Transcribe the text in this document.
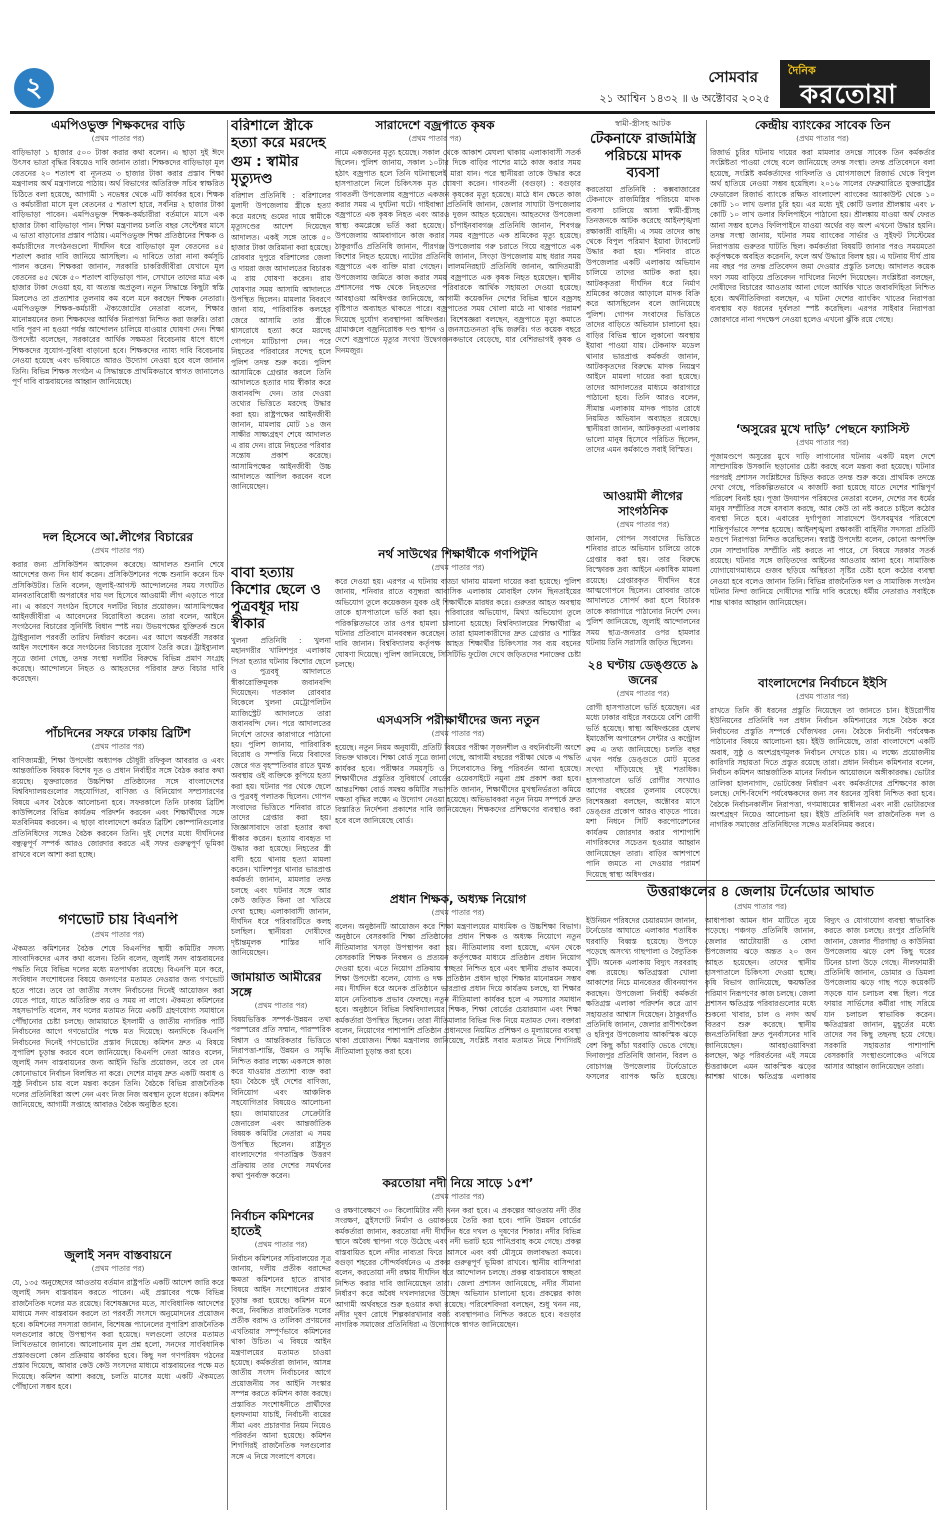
২	সোমবার
২১ আশ্বিন ১৪৩২ ॥ ৬ অক্টোবর ২০২৫
দৈনিক
করতোয়া
এমপিওভুক্ত শিক্ষকদের বাড়ি
(প্রথম পাতার পর)
বাড়িভাড়া ১ হাজার ৫০০ টাকা করার কথা বলেন। এ ছাড়া দুই ঈদে উৎসব ভাতা বৃদ্ধির বিষয়েও দাবি জানান তারা। শিক্ষকদের বাড়িভাড়া মূল বেতনের ২০ শতাংশ বা ন্যূনতম ৩ হাজার টাকা করার প্রস্তাব শিক্ষা মন্ত্রণালয় অর্থ মন্ত্রণালয়ে পাঠায়। অর্থ বিভাগের অতিরিক্ত সচিব স্বাক্ষরিত চিঠিতে বলা হয়েছে, আগামী ১ নভেম্বর থেকে এটি কার্যকর হবে। শিক্ষক ও কর্মচারীরা মাসে মূল বেতনের ৫ শতাংশ হারে, সর্বনিম্ন ২ হাজার টাকা বাড়িভাড়া পাবেন। এমপিওভুক্ত শিক্ষক-কর্মচারীরা বর্তমানে মাসে এক হাজার টাকা বাড়িভাড়া পান। শিক্ষা মন্ত্রণালয় চলতি বছর সেপ্টেম্বর মাসে এ ভাতা বাড়ানোর প্রস্তাব পাঠায়। এমপিওভুক্ত শিক্ষা প্রতিষ্ঠানের শিক্ষক ও কর্মচারীদের সংগঠনগুলো দীর্ঘদিন ধরে বাড়িভাড়া মূল বেতনের ৪৫ শতাংশ করার দাবি জানিয়ে আসছিল। এ দাবিতে তারা নানা কর্মসূচি পালন করেন। শিক্ষকরা জানান, সরকারি চাকরিজীবীরা যেখানে মূল বেতনের ৪৫ থেকে ৫০ শতাংশ বাড়িভাড়া পান, সেখানে তাদের মাত্র এক হাজার টাকা দেওয়া হয়, যা অত্যন্ত অপ্রতুল। নতুন সিদ্ধান্তে কিছুটা স্বস্তি মিললেও তা প্রত্যাশার তুলনায় কম বলে মনে করছেন শিক্ষক নেতারা। এমপিওভুক্ত শিক্ষক-কর্মচারী ঐক্যজোটের নেতারা বলেন, শিক্ষার মানোন্নয়নের জন্য শিক্ষকদের আর্থিক নিরাপত্তা নিশ্চিত করা জরুরি। তারা দাবি পূরণ না হওয়া পর্যন্ত আন্দোলন চালিয়ে যাওয়ার ঘোষণা দেন। শিক্ষা উপদেষ্টা বলেছেন, সরকারের আর্থিক সক্ষমতা বিবেচনায় ধাপে ধাপে শিক্ষকদের সুযোগ-সুবিধা বাড়ানো হবে। শিক্ষকদের ন্যায্য দাবি বিবেচনায় নেওয়া হয়েছে এবং ভবিষ্যতে আরও উদ্যোগ নেওয়া হবে বলে জানান তিনি। বিভিন্ন শিক্ষক সংগঠন এ সিদ্ধান্তকে প্রাথমিকভাবে স্বাগত জানালেও পূর্ণ দাবি বাস্তবায়নের আহ্বান জানিয়েছে।
দল হিসেবে আ.লীগের বিচারের
(প্রথম পাতার পর)
করার জন্য প্রসিকিউশন আবেদন করেছে। আদালত শুনানি শেষে আদেশের জন্য দিন ধার্য করেন। প্রসিকিউশনের পক্ষে শুনানি করেন চিফ প্রসিকিউটর। তিনি বলেন, জুলাই-আগস্ট আন্দোলনের সময় সংঘটিত মানবতাবিরোধী অপরাধের দায় দল হিসেবে আওয়ামী লীগ এড়াতে পারে না। এ কারণে সংগঠন হিসেবে দলটির বিচার প্রয়োজন। আসামিপক্ষের আইনজীবীরা এ আবেদনের বিরোধিতা করেন। তারা বলেন, আইনে সংগঠনের বিচারের সুনির্দিষ্ট বিধান স্পষ্ট নয়। উভয়পক্ষের যুক্তিতর্ক শুনে ট্রাইব্যুনাল পরবর্তী তারিখ নির্ধারণ করেন। এর আগে অন্তর্বর্তী সরকার আইন সংশোধন করে সংগঠনের বিচারের সুযোগ তৈরি করে। ট্রাইব্যুনাল সূত্রে জানা গেছে, তদন্ত সংস্থা দলটির বিরুদ্ধে বিভিন্ন প্রমাণ সংগ্রহ করেছে। আন্দোলনে নিহত ও আহতদের পরিবার দ্রুত বিচার দাবি করেছেন।
পাঁচদিনের সফরে ঢাকায় ব্রিটিশ
(প্রথম পাতার পর)
বাণিজ্যমন্ত্রী, শিক্ষা উপদেষ্টা অধ্যাপক চৌধুরী রফিকুল আবরার ও এবং আন্তর্জাতিক বিষয়ক বিশেষ দূত ও প্রধান নির্বাহীর সঙ্গে বৈঠক করার কথা রয়েছে। যুক্তরাজ্যের উচ্চশিক্ষা প্রতিষ্ঠানের সঙ্গে বাংলাদেশের বিশ্ববিদ্যালয়গুলোর সহযোগিতা, বাণিজ্য ও বিনিয়োগ সম্প্রসারণের বিষয়ে এসব বৈঠকে আলোচনা হবে। সফরকালে তিনি ঢাকায় ব্রিটিশ কাউন্সিলের বিভিন্ন কার্যক্রম পরিদর্শন করবেন এবং শিক্ষার্থীদের সঙ্গে মতবিনিময় করবেন। এ ছাড়া বাংলাদেশে কর্মরত ব্রিটিশ কোম্পানিগুলোর প্রতিনিধিদের সঙ্গেও বৈঠক করবেন তিনি। দুই দেশের মধ্যে দীর্ঘদিনের বন্ধুত্বপূর্ণ সম্পর্ক আরও জোরদার করতে এই সফর গুরুত্বপূর্ণ ভূমিকা রাখবে বলে আশা করা হচ্ছে।
গণভোট চায় বিএনপি
(প্রথম পাতার পর)
ঐকমত্য কমিশনের বৈঠক শেষে বিএনপির স্থায়ী কমিটির সদস্য সাংবাদিকদের এসব কথা বলেন। তিনি বলেন, জুলাই সনদ বাস্তবায়নের পদ্ধতি নিয়ে বিভিন্ন দলের মধ্যে মতপার্থক্য রয়েছে। বিএনপি মনে করে, সংবিধান সংশোধনের বিষয়ে জনগণের মতামত নেওয়ার জন্য গণভোট হতে পারে। তবে তা জাতীয় সংসদ নির্বাচনের দিনেই আয়োজন করা যেতে পারে, যাতে অতিরিক্ত ব্যয় ও সময় না লাগে। ঐকমত্য কমিশনের সহসভাপতি বলেন, সব দলের মতামত নিয়ে একটি গ্রহণযোগ্য সমাধানে পৌঁছানোর চেষ্টা চলছে। জামায়াতে ইসলামী ও জাতীয় নাগরিক পার্টি নির্বাচনের আগে গণভোটের পক্ষে মত দিয়েছে। অন্যদিকে বিএনপি নির্বাচনের দিনেই গণভোটের প্রস্তাব দিয়েছে। কমিশন দ্রুত এ বিষয়ে সুপারিশ চূড়ান্ত করবে বলে জানিয়েছে। বিএনপি নেতা আরও বলেন, জুলাই সনদ বাস্তবায়নের জন্য আইনি ভিত্তি প্রয়োজন, তবে তা যেন কোনোভাবে নির্বাচন বিলম্বিত না করে। দেশের মানুষ দ্রুত একটি অবাধ ও সুষ্ঠু নির্বাচন চায় বলে মন্তব্য করেন তিনি। বৈঠকে বিভিন্ন রাজনৈতিক দলের প্রতিনিধিরা অংশ নেন এবং নিজ নিজ অবস্থান তুলে ধরেন। কমিশন জানিয়েছে, আগামী সপ্তাহে আবারও বৈঠক অনুষ্ঠিত হবে।
জুলাই সনদ বাস্তবায়নে
(প্রথম পাতার পর)
যে, ১৩৫ অনুচ্ছেদের আওতায় বর্তমান রাষ্ট্রপতি একটি আদেশ জারি করে জুলাই সনদ বাস্তবায়ন করতে পারেন। এই প্রস্তাবের পক্ষে বিভিন্ন রাজনৈতিক দলের মত রয়েছে। বিশেষজ্ঞদের মতে, সাংবিধানিক আদেশের মাধ্যমে সনদ বাস্তবায়ন করলে তা পরবর্তী সংসদে অনুমোদনের প্রয়োজন হবে। কমিশনের সদস্যরা জানান, বিশেষজ্ঞ প্যানেলের সুপারিশ রাজনৈতিক দলগুলোর কাছে উপস্থাপন করা হয়েছে। দলগুলো তাদের মতামত লিখিতভাবে জানাবে। আলোচনায় মূল প্রশ্ন হলো, সনদের সাংবিধানিক প্রস্তাবগুলো কোন প্রক্রিয়ায় কার্যকর হবে। কিছু দল গণপরিষদ গঠনের প্রস্তাব দিয়েছে, আবার কেউ কেউ সংসদের মাধ্যমে বাস্তবায়নের পক্ষে মত দিয়েছে। কমিশন আশা করছে, চলতি মাসের মধ্যে একটি ঐকমত্যে পৌঁছানো সম্ভব হবে।
বরিশালে স্ত্রীকে হত্যা করে মরদেহ
গুম : স্বামীর মৃত্যুদণ্ড
বরিশাল প্রতিনিধি : বরিশালের মুলাদী উপজেলায় স্ত্রীকে হত্যা করে মরদেহ গুমের দায়ে স্বামীকে মৃত্যুদণ্ডের আদেশ দিয়েছেন আদালত। একই সঙ্গে তাকে ৫০ হাজার টাকা জরিমানা করা হয়েছে। রোববার দুপুরে বরিশালের জেলা ও দায়রা জজ আদালতের বিচারক এ রায় ঘোষণা করেন। রায় ঘোষণার সময় আসামি আদালতে উপস্থিত ছিলেন। মামলার বিবরণে জানা যায়, পারিবারিক কলহের জেরে আসামি তার স্ত্রীকে শ্বাসরোধে হত্যা করে মরদেহ গোপনে মাটিচাপা দেন। পরে নিহতের পরিবারের সন্দেহ হলে পুলিশ তদন্ত শুরু করে। পুলিশ আসামিকে গ্রেপ্তার করলে তিনি আদালতে হত্যার দায় স্বীকার করে জবানবন্দি দেন। তার দেওয়া তথ্যের ভিত্তিতে মরদেহ উদ্ধার করা হয়। রাষ্ট্রপক্ষের আইনজীবী জানান, মামলায় মোট ১৪ জন সাক্ষীর সাক্ষ্যগ্রহণ শেষে আদালত এ রায় দেন। রায়ে নিহতের পরিবার সন্তোষ প্রকাশ করেছে। আসামিপক্ষের আইনজীবী উচ্চ আদালতে আপিল করবেন বলে জানিয়েছেন।
বাবা হত্যায় কিশোর ছেলে ও পুত্রবধূর দায় স্বীকার
খুলনা প্রতিনিধি : খুলনা মহানগরীর খালিশপুর এলাকায় পিতা হত্যার ঘটনায় কিশোর ছেলে ও পুত্রবধূ আদালতে স্বীকারোক্তিমূলক জবানবন্দি দিয়েছেন। গতকাল রোববার বিকেলে খুলনা মেট্রোপলিটন ম্যাজিস্ট্রেট আদালতে তারা জবানবন্দি দেন। পরে আদালতের নির্দেশে তাদের কারাগারে পাঠানো হয়। পুলিশ জানায়, পারিবারিক বিরোধ ও সম্পত্তি নিয়ে বিবাদের জেরে গত বৃহস্পতিবার রাতে ঘুমন্ত অবস্থায় ওই ব্যক্তিকে কুপিয়ে হত্যা করা হয়। ঘটনার পর থেকে ছেলে ও পুত্রবধূ পলাতক ছিলেন। গোপন সংবাদের ভিত্তিতে শনিবার রাতে তাদের গ্রেপ্তার করা হয়। জিজ্ঞাসাবাদে তারা হত্যার কথা স্বীকার করেন। হত্যায় ব্যবহৃত দা উদ্ধার করা হয়েছে। নিহতের স্ত্রী বাদী হয়ে থানায় হত্যা মামলা করেন। খালিশপুর থানার ভারপ্রাপ্ত কর্মকর্তা জানান, মামলার তদন্ত চলছে এবং ঘটনার সঙ্গে আর কেউ জড়িত কিনা তা খতিয়ে দেখা হচ্ছে। এলাকাবাসী জানান, দীর্ঘদিন ধরে পরিবারটিতে কলহ চলছিল। স্থানীয়রা দোষীদের দৃষ্টান্তমূলক শাস্তির দাবি জানিয়েছেন।
জামায়াত আমীরের সঙ্গে
(প্রথম পাতার পর)
বিষয়ভিত্তিক সম্পর্ক-উন্নয়ন তথা পরস্পরের প্রতি সম্মান, পারস্পরিক বিশ্বাস ও আন্তরিকতার ভিত্তিতে নিরাপত্তা-শান্তি, উন্নয়ন ও সমৃদ্ধি নিশ্চিত করার লক্ষ্যে একসঙ্গে কাজ করে যাওয়ার প্রত্যাশা ব্যক্ত করা হয়। বৈঠকে দুই দেশের বাণিজ্য, বিনিয়োগ এবং আঞ্চলিক সহযোগিতার বিষয়েও আলোচনা হয়। জামায়াতের সেক্রেটারি জেনারেল এবং আন্তর্জাতিক বিষয়ক কমিটির নেতারা এ সময় উপস্থিত ছিলেন। রাষ্ট্রদূত বাংলাদেশের গণতান্ত্রিক উত্তরণ প্রক্রিয়ায় তার দেশের সমর্থনের কথা পুনর্ব্যক্ত করেন।
নির্বাচন কমিশনের হাতেই
(প্রথম পাতার পর)
নির্বাচন কমিশনের সচিবালয়ের সূত্র জানায়, দলীয় প্রতীক বরাদ্দের ক্ষমতা কমিশনের হাতে রাখার বিষয়ে আইন সংশোধনের প্রস্তাব চূড়ান্ত করা হয়েছে। কমিশন মনে করে, নিবন্ধিত রাজনৈতিক দলের প্রতীক বরাদ্দ ও তালিকা প্রণয়নের এখতিয়ার সম্পূর্ণভাবে কমিশনের থাকা উচিত। এ বিষয়ে আইন মন্ত্রণালয়ের মতামত চাওয়া হয়েছে। কর্মকর্তারা জানান, আসন্ন জাতীয় সংসদ নির্বাচনের আগে প্রয়োজনীয় সব আইনি সংস্কার সম্পন্ন করতে কমিশন কাজ করছে। প্রস্তাবিত সংশোধনীতে প্রার্থীদের হলফনামা যাচাই, নির্বাচনী ব্যয়ের সীমা এবং প্রচারণার নিয়ম নিয়েও পরিবর্তন আনা হয়েছে। কমিশন শিগগিরই রাজনৈতিক দলগুলোর সঙ্গে এ নিয়ে সংলাপে বসবে।
সারাদেশে বজ্রপাতে কৃষক
(প্রথম পাতার পর)
নামে একজনের মৃত্যু হয়েছে। সকাল থেকে আকাশ মেঘলা থাকায় এলাকাবাসী সতর্ক ছিলেন। পুলিশ জানায়, সকাল ১০টার দিকে বাড়ির পাশের মাঠে কাজ করার সময় হঠাৎ বজ্রপাত হলে তিনি ঘটনাস্থলেই মারা যান। পরে স্থানীয়রা তাকে উদ্ধার করে হাসপাতালে নিলে চিকিৎসক মৃত ঘোষণা করেন। গাবতলী (বগুড়া) : বগুড়ার গাবতলী উপজেলায় বজ্রপাতে একজন কৃষকের মৃত্যু হয়েছে। মাঠে ধান ক্ষেতে কাজ করার সময় এ দুর্ঘটনা ঘটে। গাইবান্ধা প্রতিনিধি জানান, জেলার সাঘাটা উপজেলায় বজ্রপাতে এক কৃষক নিহত এবং আরও দুজন আহত হয়েছেন। আহতদের উপজেলা স্বাস্থ্য কমপ্লেক্সে ভর্তি করা হয়েছে। চাঁপাইনবাবগঞ্জ প্রতিনিধি জানান, শিবগঞ্জ উপজেলায় আমবাগানে কাজ করার সময় বজ্রপাতে এক শ্রমিকের মৃত্যু হয়েছে। ঠাকুরগাঁও প্রতিনিধি জানান, পীরগঞ্জ উপজেলায় গরু চরাতে গিয়ে বজ্রপাতে এক কিশোর নিহত হয়েছে। নাটোর প্রতিনিধি জানান, সিংড়া উপজেলায় মাছ ধরার সময় বজ্রপাতে এক ব্যক্তি মারা গেছেন। লালমনিরহাট প্রতিনিধি জানান, আদিতমারী উপজেলায় জমিতে কাজ করার সময় বজ্রপাতে এক কৃষক নিহত হয়েছেন। স্থানীয় প্রশাসনের পক্ষ থেকে নিহতদের পরিবারকে আর্থিক সহায়তা দেওয়া হয়েছে। আবহাওয়া অধিদপ্তর জানিয়েছে, আগামী কয়েকদিন দেশের বিভিন্ন স্থানে বজ্রসহ বৃষ্টিপাত অব্যাহত থাকতে পারে। বজ্রপাতের সময় খোলা মাঠে না থাকার পরামর্শ দিয়েছে দুর্যোগ ব্যবস্থাপনা অধিদপ্তর। বিশেষজ্ঞরা বলছেন, বজ্রপাতে মৃত্যু কমাতে গ্রামাঞ্চলে বজ্রনিরোধক দণ্ড স্থাপন ও জনসচেতনতা বৃদ্ধি জরুরি। গত কয়েক বছরে দেশে বজ্রপাতে মৃত্যুর সংখ্যা উদ্বেগজনকভাবে বেড়েছে, যার বেশিরভাগই কৃষক ও দিনমজুর।
নর্থ সাউথের শিক্ষার্থীকে গণপিটুনি
(প্রথম পাতার পর)
করে দেওয়া হয়। এরপর এ ঘটনায় বাড্ডা থানায় মামলা দায়ের করা হয়েছে। পুলিশ জানায়, শনিবার রাতে বসুন্ধরা আবাসিক এলাকায় মোবাইল ফোন ছিনতাইয়ের অভিযোগ তুলে কয়েকজন যুবক ওই শিক্ষার্থীকে মারধর করে। গুরুতর আহত অবস্থায় তাকে হাসপাতালে ভর্তি করা হয়। পরিবারের অভিযোগ, মিথ্যা অভিযোগ তুলে পরিকল্পিতভাবে তার ওপর হামলা চালানো হয়েছে। বিশ্ববিদ্যালয়ের শিক্ষার্থীরা এ ঘটনার প্রতিবাদে মানববন্ধন করেছেন। তারা হামলাকারীদের দ্রুত গ্রেপ্তার ও শাস্তির দাবি জানান। বিশ্ববিদ্যালয় কর্তৃপক্ষ আহত শিক্ষার্থীর চিকিৎসার সব ব্যয় বহনের ঘোষণা দিয়েছে। পুলিশ জানিয়েছে, সিসিটিভি ফুটেজ দেখে জড়িতদের শনাক্তের চেষ্টা চলছে।
এসএসসি পরীক্ষার্থীদের জন্য নতুন
(প্রথম পাতার পর)
হয়েছে। নতুন নিয়ম অনুযায়ী, প্রতিটি বিষয়ের পরীক্ষা সৃজনশীল ও বহুনির্বাচনী অংশে বিভক্ত থাকবে। শিক্ষা বোর্ড সূত্রে জানা গেছে, আগামী বছরের পরীক্ষা থেকে এ পদ্ধতি কার্যকর হবে। পরীক্ষার সময়সূচি ও সিলেবাসেও কিছু পরিবর্তন আনা হয়েছে। শিক্ষার্থীদের প্রস্তুতির সুবিধার্থে বোর্ডের ওয়েবসাইটে নমুনা প্রশ্ন প্রকাশ করা হবে। আন্তঃশিক্ষা বোর্ড সমন্বয় কমিটির সভাপতি জানান, শিক্ষার্থীদের মুখস্থনির্ভরতা কমিয়ে দক্ষতা বৃদ্ধির লক্ষ্যে এ উদ্যোগ নেওয়া হয়েছে। অভিভাবকরা নতুন নিয়ম সম্পর্কে দ্রুত বিস্তারিত নির্দেশনা প্রকাশের দাবি জানিয়েছেন। শিক্ষকদের প্রশিক্ষণের ব্যবস্থাও করা হবে বলে জানিয়েছে বোর্ড।
প্রধান শিক্ষক, অধ্যক্ষ নিয়োগ
(প্রথম পাতার পর)
বলেন। অনুষ্ঠানটি আয়োজন করে শিক্ষা মন্ত্রণালয়ের মাধ্যমিক ও উচ্চশিক্ষা বিভাগ। অনুষ্ঠানে বেসরকারি শিক্ষা প্রতিষ্ঠানের প্রধান শিক্ষক ও অধ্যক্ষ নিয়োগে নতুন নীতিমালার খসড়া উপস্থাপন করা হয়। নীতিমালায় বলা হয়েছে, এখন থেকে বেসরকারি শিক্ষক নিবন্ধন ও প্রত্যয়ন কর্তৃপক্ষের মাধ্যমে প্রতিষ্ঠান প্রধান নিয়োগ দেওয়া হবে। এতে নিয়োগ প্রক্রিয়ায় স্বচ্ছতা নিশ্চিত হবে এবং স্থানীয় প্রভাব কমবে। শিক্ষা উপদেষ্টা বলেন, যোগ্য ও দক্ষ প্রতিষ্ঠান প্রধান ছাড়া শিক্ষার মানোন্নয়ন সম্ভব নয়। দীর্ঘদিন ধরে অনেক প্রতিষ্ঠানে ভারপ্রাপ্ত প্রধান দিয়ে কার্যক্রম চলছে, যা শিক্ষার মানে নেতিবাচক প্রভাব ফেলছে। নতুন নীতিমালা কার্যকর হলে এ সমস্যার সমাধান হবে। অনুষ্ঠানে বিভিন্ন বিশ্ববিদ্যালয়ের শিক্ষক, শিক্ষা বোর্ডের চেয়ারম্যান এবং শিক্ষা কর্মকর্তারা উপস্থিত ছিলেন। তারা নীতিমালার বিভিন্ন দিক নিয়ে মতামত দেন। বক্তারা বলেন, নিয়োগের পাশাপাশি প্রতিষ্ঠান প্রধানদের নিয়মিত প্রশিক্ষণ ও মূল্যায়নের ব্যবস্থা থাকা প্রয়োজন। শিক্ষা মন্ত্রণালয় জানিয়েছে, সংশ্লিষ্ট সবার মতামত নিয়ে শিগগিরই নীতিমালা চূড়ান্ত করা হবে।
করতোয়া নদী নিয়ে সাড়ে ১৫শ’
(প্রথম পাতার পর)
ও রক্ষণাবেক্ষণে ৩০ কিলোমিটার নদী খনন করা হবে। এ প্রকল্পের আওতায় নদী তীর সংরক্ষণ, স্লুইসগেট নির্মাণ ও ওয়াকওয়ে তৈরি করা হবে। পানি উন্নয়ন বোর্ডের কর্মকর্তারা জানান, করতোয়া নদী দীর্ঘদিন ধরে দখল ও দূষণের শিকার। নদীর বিভিন্ন স্থানে অবৈধ স্থাপনা গড়ে উঠেছে এবং নদী ভরাট হয়ে পানিপ্রবাহ কমে গেছে। প্রকল্প বাস্তবায়িত হলে নদীর নাব্যতা ফিরে আসবে এবং বর্ষা মৌসুমে জলাবদ্ধতা কমবে। বগুড়া শহরের সৌন্দর্যবর্ধনেও এ প্রকল্প গুরুত্বপূর্ণ ভূমিকা রাখবে। স্থানীয় বাসিন্দারা বলেন, করতোয়া নদী রক্ষায় দীর্ঘদিন ধরে আন্দোলন চলছে। প্রকল্প বাস্তবায়নে স্বচ্ছতা নিশ্চিত করার দাবি জানিয়েছেন তারা। জেলা প্রশাসন জানিয়েছে, নদীর সীমানা নির্ধারণ করে অবৈধ দখলদারদের উচ্ছেদ অভিযান চালানো হবে। প্রকল্পের কাজ আগামী অর্থবছরে শুরু হওয়ার কথা রয়েছে। পরিবেশবিদরা বলছেন, শুধু খনন নয়, নদীর দূষণ রোধে শিল্পকারখানার বর্জ্য ব্যবস্থাপনাও নিশ্চিত করতে হবে। বগুড়ার নাগরিক সমাজের প্রতিনিধিরা এ উদ্যোগকে স্বাগত জানিয়েছেন।
স্বামী-স্ত্রীসহ আটক
টেকনাফে রাজমিস্ত্রি পরিচয়ে মাদক ব্যবসা
করতোয়া প্রতিনিধি : কক্সবাজারের টেকনাফে রাজমিস্ত্রির পরিচয়ে মাদক ব্যবসা চালিয়ে আসা স্বামী-স্ত্রীসহ তিনজনকে আটক করেছে আইনশৃঙ্খলা রক্ষাকারী বাহিনী। এ সময় তাদের কাছ থেকে বিপুল পরিমাণ ইয়াবা ট্যাবলেট উদ্ধার করা হয়। শনিবার রাতে উপজেলার একটি এলাকায় অভিযান চালিয়ে তাদের আটক করা হয়। আটককৃতরা দীর্ঘদিন ধরে নির্মাণ শ্রমিকের কাজের আড়ালে মাদক বিক্রি করে আসছিলেন বলে জানিয়েছে পুলিশ। গোপন সংবাদের ভিত্তিতে তাদের বাড়িতে অভিযান চালানো হয়। বাড়ির বিভিন্ন স্থানে লুকানো অবস্থায় ইয়াবা পাওয়া যায়। টেকনাফ মডেল থানার ভারপ্রাপ্ত কর্মকর্তা জানান, আটককৃতদের বিরুদ্ধে মাদক নিয়ন্ত্রণ আইনে মামলা দায়ের করা হয়েছে। তাদের আদালতের মাধ্যমে কারাগারে পাঠানো হবে। তিনি আরও বলেন, সীমান্ত এলাকায় মাদক পাচার রোধে নিয়মিত অভিযান অব্যাহত রয়েছে। স্থানীয়রা জানান, আটককৃতরা এলাকায় ভালো মানুষ হিসেবে পরিচিত ছিলেন, তাদের এমন কর্মকাণ্ডে সবাই বিস্মিত।
আওয়ামী লীগের সাংগঠনিক
(প্রথম পাতার পর)
জানান, গোপন সংবাদের ভিত্তিতে শনিবার রাতে অভিযান চালিয়ে তাকে গ্রেপ্তার করা হয়। তার বিরুদ্ধে বিস্ফোরক দ্রব্য আইনে একাধিক মামলা রয়েছে। গ্রেপ্তারকৃত দীর্ঘদিন ধরে আত্মগোপনে ছিলেন। রোববার তাকে আদালতে সোপর্দ করা হলে বিচারক তাকে কারাগারে পাঠানোর নির্দেশ দেন। পুলিশ জানিয়েছে, জুলাই আন্দোলনের সময় ছাত্র-জনতার ওপর হামলার ঘটনায় তিনি সরাসরি জড়িত ছিলেন।
২৪ ঘণ্টায় ডেঙ্গুতে ৯ জনের
(প্রথম পাতার পর)
রোগী হাসপাতালে ভর্তি হয়েছেন। এর মধ্যে ঢাকার বাইরে সবচেয়ে বেশি রোগী ভর্তি হয়েছে। স্বাস্থ্য অধিদপ্তরের হেলথ ইমার্জেন্সি অপারেশন সেন্টার ও কন্ট্রোল রুম এ তথ্য জানিয়েছে। চলতি বছর এখন পর্যন্ত ডেঙ্গুতে মোট মৃতের সংখ্যা দাঁড়িয়েছে দুই শতাধিক। হাসপাতালে ভর্তি রোগীর সংখ্যাও আগের বছরের তুলনায় বেড়েছে। বিশেষজ্ঞরা বলছেন, অক্টোবর মাসে ডেঙ্গুর প্রকোপ আরও বাড়তে পারে। মশা নিধনে সিটি করপোরেশনের কার্যক্রম জোরদার করার পাশাপাশি নাগরিকদের সচেতন হওয়ার আহ্বান জানিয়েছেন তারা। বাড়ির আশপাশে পানি জমতে না দেওয়ার পরামর্শ দিয়েছে স্বাস্থ্য অধিদপ্তর।
কেন্দ্রীয় ব্যাংকের সাবেক তিন
(প্রথম পাতার পর)
রিজার্ভ চুরির ঘটনায় দায়ের করা মামলার তদন্তে সাবেক তিন কর্মকর্তার সংশ্লিষ্টতা পাওয়া গেছে বলে জানিয়েছে তদন্ত সংস্থা। তদন্ত প্রতিবেদনে বলা হয়েছে, সংশ্লিষ্ট কর্মকর্তাদের গাফিলতি ও যোগসাজশে রিজার্ভ থেকে বিপুল অর্থ হাতিয়ে নেওয়া সম্ভব হয়েছিল। ২০১৬ সালের ফেব্রুয়ারিতে যুক্তরাষ্ট্রের ফেডারেল রিজার্ভ ব্যাংকে রক্ষিত বাংলাদেশ ব্যাংকের অ্যাকাউন্ট থেকে ১০ কোটি ১০ লাখ ডলার চুরি হয়। এর মধ্যে দুই কোটি ডলার শ্রীলঙ্কায় এবং ৮ কোটি ১০ লাখ ডলার ফিলিপাইনে পাঠানো হয়। শ্রীলঙ্কায় যাওয়া অর্থ ফেরত আনা সম্ভব হলেও ফিলিপাইনে যাওয়া অর্থের বড় অংশ এখনো উদ্ধার হয়নি। তদন্ত সংস্থা জানায়, ঘটনার সময় ব্যাংকের সার্ভার ও সুইফট সিস্টেমের নিরাপত্তায় গুরুতর ঘাটতি ছিল। কর্মকর্তারা বিষয়টি জানার পরও সময়মতো কর্তৃপক্ষকে অবহিত করেননি, ফলে অর্থ উদ্ধারে বিলম্ব হয়। এ ঘটনায় দীর্ঘ প্রায় নয় বছর পর তদন্ত প্রতিবেদন জমা দেওয়ার প্রস্তুতি চলছে। আদালত কয়েক দফা সময় বাড়িয়ে প্রতিবেদন দাখিলের নির্দেশ দিয়েছেন। সংশ্লিষ্টরা বলছেন, দোষীদের বিচারের আওতায় আনা গেলে আর্থিক খাতে জবাবদিহিতা নিশ্চিত হবে। অর্থনীতিবিদরা বলছেন, এ ঘটনা দেশের ব্যাংকিং খাতের নিরাপত্তা ব্যবস্থায় বড় ধরনের দুর্বলতা স্পষ্ট করেছিল। এরপর সাইবার নিরাপত্তা জোরদারে নানা পদক্ষেপ নেওয়া হলেও এখনো ঝুঁকি রয়ে গেছে।
‘অসুরের মুখে দাড়ি’ পেছনে ফ্যাসিস্ট
(প্রথম পাতার পর)
পূজামণ্ডপে অসুরের মুখে দাড়ি লাগানোর ঘটনায় একটি মহল দেশে সাম্প্রদায়িক উসকানি ছড়ানোর চেষ্টা করছে বলে মন্তব্য করা হয়েছে। ঘটনার পরপরই প্রশাসন সংশ্লিষ্টদের চিহ্নিত করতে তদন্ত শুরু করে। প্রাথমিক তদন্তে দেখা গেছে, পরিকল্পিতভাবে এ কাজটি করা হয়েছে যাতে দেশের শান্তিপূর্ণ পরিবেশ বিনষ্ট হয়। পূজা উদযাপন পরিষদের নেতারা বলেন, দেশের সব ধর্মের মানুষ সম্প্রীতির সঙ্গে বসবাস করছে, আর কেউ তা নষ্ট করতে চাইলে কঠোর ব্যবস্থা নিতে হবে। এবারের দুর্গাপূজা সারাদেশে উৎসবমুখর পরিবেশে শান্তিপূর্ণভাবে সম্পন্ন হয়েছে। আইনশৃঙ্খলা রক্ষাকারী বাহিনীর সদস্যরা প্রতিটি মণ্ডপে নিরাপত্তা নিশ্চিত করেছিলেন। স্বরাষ্ট্র উপদেষ্টা বলেন, কোনো অপশক্তি যেন সাম্প্রদায়িক সম্প্রীতি নষ্ট করতে না পারে, সে বিষয়ে সরকার সতর্ক রয়েছে। ঘটনার সঙ্গে জড়িতদের আইনের আওতায় আনা হবে। সামাজিক যোগাযোগমাধ্যমে গুজব ছড়িয়ে অস্থিরতা সৃষ্টির চেষ্টা হলে কঠোর ব্যবস্থা নেওয়া হবে বলেও জানান তিনি। বিভিন্ন রাজনৈতিক দল ও সামাজিক সংগঠন ঘটনার নিন্দা জানিয়ে দোষীদের শাস্তি দাবি করেছে। ধর্মীয় নেতারাও সবাইকে শান্ত থাকার আহ্বান জানিয়েছেন।
বাংলাদেশের নির্বাচনে ইইসি
(প্রথম পাতার পর)
রাখতে তিনি কী ধরনের প্রস্তুতি নিয়েছেন তা জানতে চান। ইউরোপীয় ইউনিয়নের প্রতিনিধি দল প্রধান নির্বাচন কমিশনারের সঙ্গে বৈঠক করে নির্বাচনের প্রস্তুতি সম্পর্কে খোঁজখবর নেন। বৈঠকে নির্বাচনী পর্যবেক্ষক পাঠানোর বিষয়ে আলোচনা হয়। ইইউ জানিয়েছে, তারা বাংলাদেশে একটি অবাধ, সুষ্ঠু ও অংশগ্রহণমূলক নির্বাচন দেখতে চায়। এ লক্ষ্যে প্রয়োজনীয় কারিগরি সহায়তা দিতে প্রস্তুত রয়েছে তারা। প্রধান নির্বাচন কমিশনার বলেন, নির্বাচন কমিশন আন্তর্জাতিক মানের নির্বাচন আয়োজনে অঙ্গীকারবদ্ধ। ভোটার তালিকা হালনাগাদ, ভোটকেন্দ্র নির্ধারণ এবং কর্মকর্তাদের প্রশিক্ষণের কাজ চলছে। দেশি-বিদেশি পর্যবেক্ষকদের জন্য সব ধরনের সুবিধা নিশ্চিত করা হবে। বৈঠকে নির্বাচনকালীন নিরাপত্তা, গণমাধ্যমের স্বাধীনতা এবং নারী ভোটারদের অংশগ্রহণ নিয়েও আলোচনা হয়। ইইউ প্রতিনিধি দল রাজনৈতিক দল ও নাগরিক সমাজের প্রতিনিধিদের সঙ্গেও মতবিনিময় করবে।
উত্তরাঞ্চলের ৪ জেলায় টর্নেডোর আঘাত
(প্রথম পাতার পর)
ইউনিয়ন পরিষদের চেয়ারম্যান জানান, টর্নেডোর আঘাতে এলাকার শতাধিক ঘরবাড়ি বিধ্বস্ত হয়েছে। উপড়ে পড়েছে অসংখ্য গাছপালা ও বৈদ্যুতিক খুঁটি। অনেক এলাকায় বিদ্যুৎ সরবরাহ বন্ধ রয়েছে। ক্ষতিগ্রস্তরা খোলা আকাশের নিচে মানবেতর জীবনযাপন করছেন। উপজেলা নির্বাহী কর্মকর্তা ক্ষতিগ্রস্ত এলাকা পরিদর্শন করে ত্রাণ সহায়তার আশ্বাস দিয়েছেন। ঠাকুরগাঁও প্রতিনিধি জানান, জেলার রাণীশংকৈল ও হরিপুর উপজেলায় আকস্মিক ঝড়ে বেশ কিছু কাঁচা ঘরবাড়ি ভেঙে গেছে। দিনাজপুর প্রতিনিধি জানান, বিরল ও বোচাগঞ্জ উপজেলায় টর্নেডোতে ফসলের ব্যাপক ক্ষতি হয়েছে। আধাপাকা আমন ধান মাটিতে নুয়ে পড়েছে। পঞ্চগড় প্রতিনিধি জানান, জেলার আটোয়ারী ও বোদা উপজেলায় ঝড়ে অন্তত ২০ জন আহত হয়েছেন। তাদের স্থানীয় হাসপাতালে চিকিৎসা দেওয়া হচ্ছে। কৃষি বিভাগ জানিয়েছে, ক্ষয়ক্ষতির পরিমাণ নিরূপণের কাজ চলছে। জেলা প্রশাসন ক্ষতিগ্রস্ত পরিবারগুলোর মধ্যে শুকনো খাবার, চাল ও নগদ অর্থ বিতরণ শুরু করেছে। স্থানীয় জনপ্রতিনিধিরা দ্রুত পুনর্বাসনের দাবি জানিয়েছেন। আবহাওয়াবিদরা বলছেন, ঋতু পরিবর্তনের এই সময়ে উত্তরাঞ্চলে এমন আকস্মিক ঝড়ের আশঙ্কা থাকে। ক্ষতিগ্রস্ত এলাকায় বিদ্যুৎ ও যোগাযোগ ব্যবস্থা স্বাভাবিক করতে কাজ চলছে। রংপুর প্রতিনিধি জানান, জেলার পীরগাছা ও কাউনিয়া উপজেলায় ঝড়ে বেশ কিছু ঘরের টিনের চালা উড়ে গেছে। নীলফামারী প্রতিনিধি জানান, ডোমার ও ডিমলা উপজেলায় ঝড়ে গাছ পড়ে কয়েকটি সড়কে যান চলাচল বন্ধ ছিল। পরে ফায়ার সার্ভিসের কর্মীরা গাছ সরিয়ে যান চলাচল স্বাভাবিক করেন। ক্ষতিগ্রস্তরা জানান, মুহূর্তের মধ্যে তাদের সব কিছু তছনছ হয়ে গেছে। সরকারি সহায়তার পাশাপাশি বেসরকারি সংস্থাগুলোকেও এগিয়ে আসার আহ্বান জানিয়েছেন তারা।
